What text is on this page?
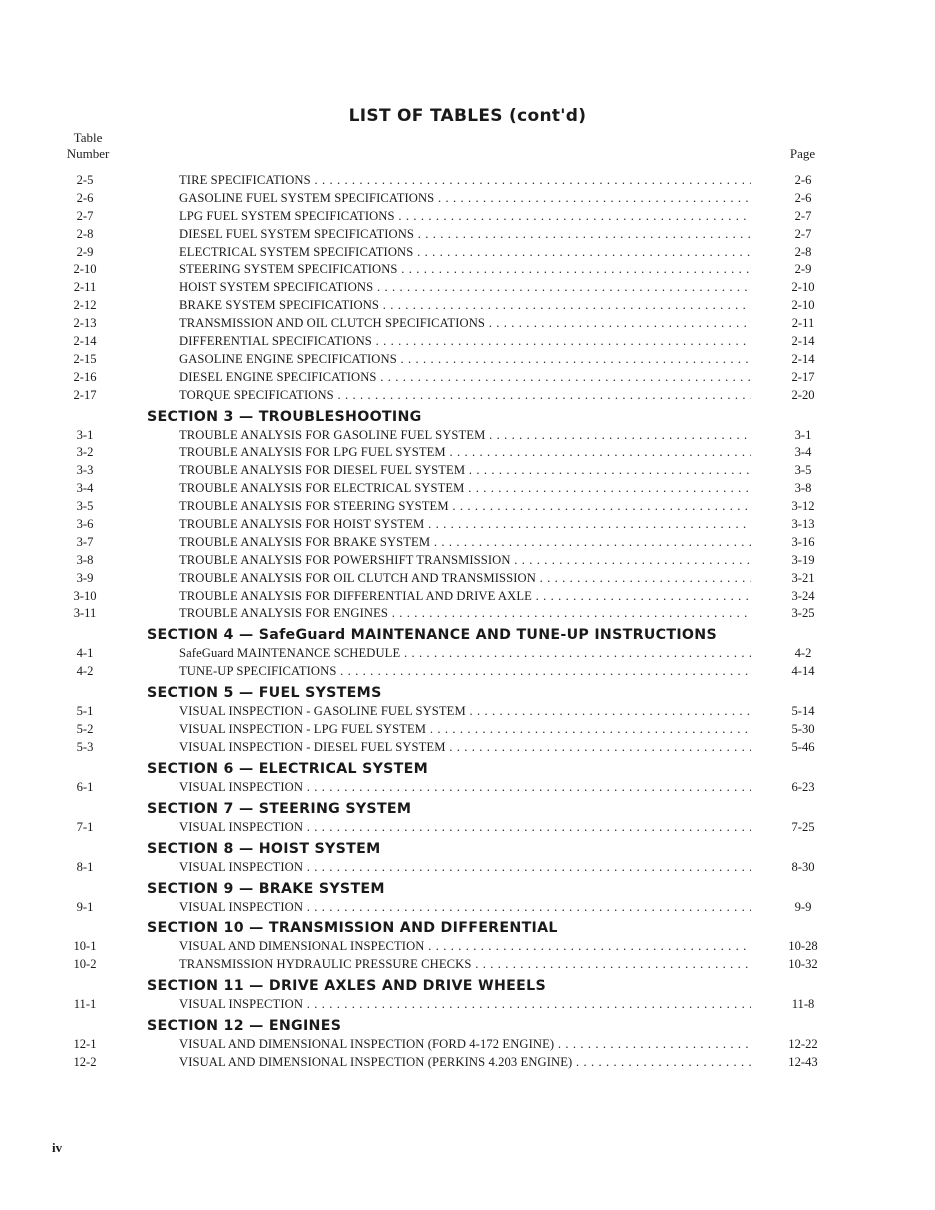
LIST OF TABLES (cont'd)
Table
Number	Page
2-5	TIRE SPECIFICATIONS . . .	2-6
2-6	GASOLINE FUEL SYSTEM SPECIFICATIONS . . .	2-6
2-7	LPG FUEL SYSTEM SPECIFICATIONS . . .	2-7
2-8	DIESEL FUEL SYSTEM SPECIFICATIONS . . .	2-7
2-9	ELECTRICAL SYSTEM SPECIFICATIONS . . .	2-8
2-10	STEERING SYSTEM SPECIFICATIONS . . .	2-9
2-11	HOIST SYSTEM SPECIFICATIONS . . .	2-10
2-12	BRAKE SYSTEM SPECIFICATIONS . . .	2-10
2-13	TRANSMISSION AND OIL CLUTCH SPECIFICATIONS . . .	2-11
2-14	DIFFERENTIAL SPECIFICATIONS . . .	2-14
2-15	GASOLINE ENGINE SPECIFICATIONS . . .	2-14
2-16	DIESEL ENGINE SPECIFICATIONS . . .	2-17
2-17	TORQUE SPECIFICATIONS . . .	2-20
SECTION 3 — TROUBLESHOOTING
3-1	TROUBLE ANALYSIS FOR GASOLINE FUEL SYSTEM . . .	3-1
3-2	TROUBLE ANALYSIS FOR LPG FUEL SYSTEM . . .	3-4
3-3	TROUBLE ANALYSIS FOR DIESEL FUEL SYSTEM . . .	3-5
3-4	TROUBLE ANALYSIS FOR ELECTRICAL SYSTEM . . .	3-8
3-5	TROUBLE ANALYSIS FOR STEERING SYSTEM . . .	3-12
3-6	TROUBLE ANALYSIS FOR HOIST SYSTEM . . .	3-13
3-7	TROUBLE ANALYSIS FOR BRAKE SYSTEM . . .	3-16
3-8	TROUBLE ANALYSIS FOR POWERSHIFT TRANSMISSION . . .	3-19
3-9	TROUBLE ANALYSIS FOR OIL CLUTCH AND TRANSMISSION . . .	3-21
3-10	TROUBLE ANALYSIS FOR DIFFERENTIAL AND DRIVE AXLE . . .	3-24
3-11	TROUBLE ANALYSIS FOR ENGINES . . .	3-25
SECTION 4 — SafeGuard MAINTENANCE AND TUNE-UP INSTRUCTIONS
4-1	SafeGuard MAINTENANCE SCHEDULE . . .	4-2
4-2	TUNE-UP SPECIFICATIONS . . .	4-14
SECTION 5 — FUEL SYSTEMS
5-1	VISUAL INSPECTION - GASOLINE FUEL SYSTEM . . .	5-14
5-2	VISUAL INSPECTION - LPG FUEL SYSTEM . . .	5-30
5-3	VISUAL INSPECTION - DIESEL FUEL SYSTEM . . .	5-46
SECTION 6 — ELECTRICAL SYSTEM
6-1	VISUAL INSPECTION . . .	6-23
SECTION 7 — STEERING SYSTEM
7-1	VISUAL INSPECTION . . .	7-25
SECTION 8 — HOIST SYSTEM
8-1	VISUAL INSPECTION . . .	8-30
SECTION 9 — BRAKE SYSTEM
9-1	VISUAL INSPECTION . . .	9-9
SECTION 10 — TRANSMISSION AND DIFFERENTIAL
10-1	VISUAL AND DIMENSIONAL INSPECTION . . .	10-28
10-2	TRANSMISSION HYDRAULIC PRESSURE CHECKS . . .	10-32
SECTION 11 — DRIVE AXLES AND DRIVE WHEELS
11-1	VISUAL INSPECTION . . .	11-8
SECTION 12 — ENGINES
12-1	VISUAL AND DIMENSIONAL INSPECTION (FORD 4-172 ENGINE) . . .	12-22
12-2	VISUAL AND DIMENSIONAL INSPECTION (PERKINS 4.203 ENGINE) . . .	12-43
iv
